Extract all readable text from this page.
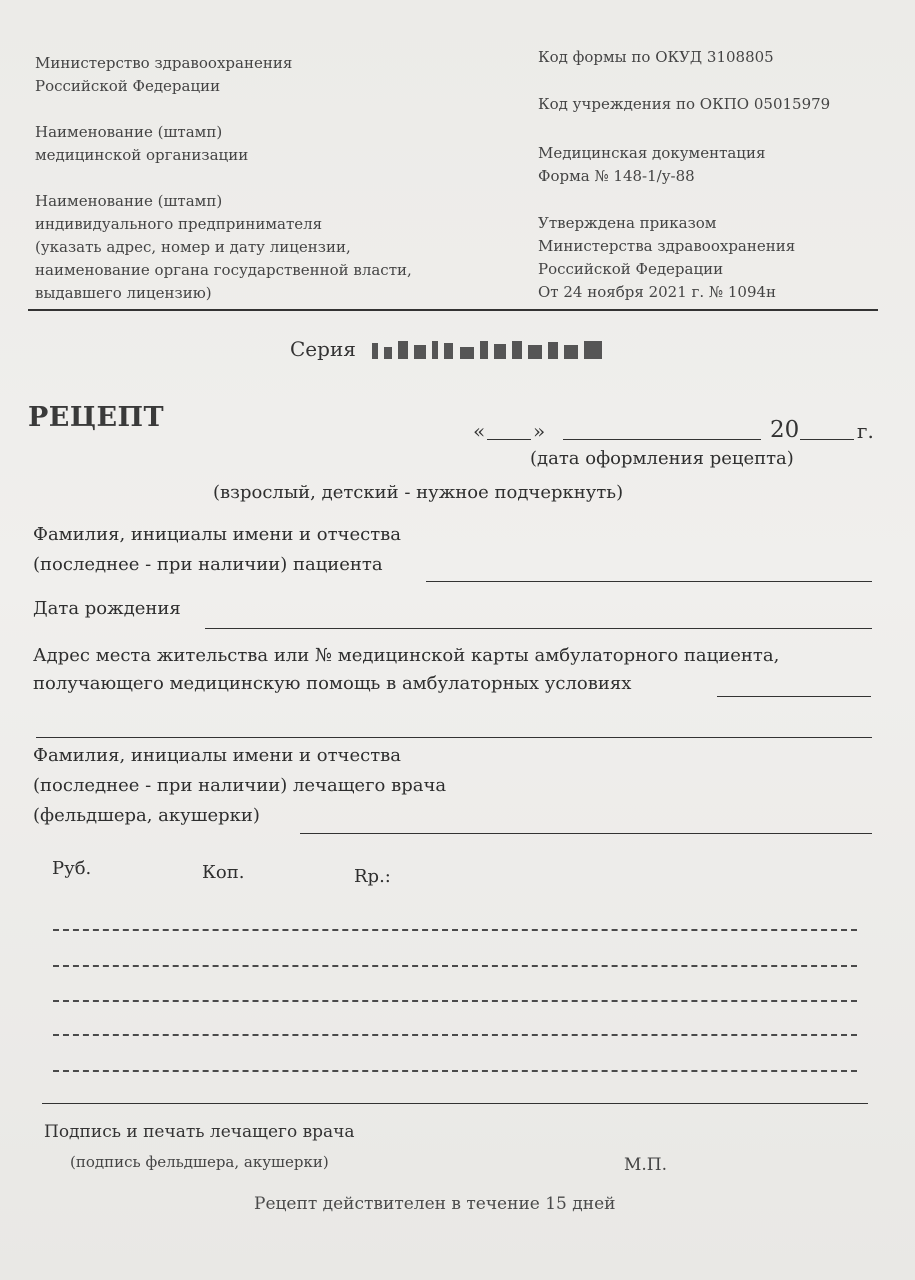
Министерство здравоохранения
Российской Федерации
Наименование (штамп)
медицинской организации
Наименование (штамп)
индивидуального предпринимателя
(указать адрес, номер и дату лицензии,
наименование органа государственной власти,
выдавшего лицензию)
Код формы по ОКУД 3108805
Код учреждения по ОКПО 05015979
Медицинская документация
Форма № 148-1/у-88
Утверждена приказом
Министерства здравоохранения
Российской Федерации
От 24 ноября 2021 г. № 1094н
Серия
РЕЦЕПТ	« »	20	г.
(дата оформления рецепта)
(взрослый, детский - нужное подчеркнуть)
Фамилия, инициалы имени и отчества
(последнее - при наличии) пациента
Дата рождения
Адрес места жительства или № медицинской карты амбулаторного пациента,
получающего медицинскую помощь в амбулаторных условиях
Фамилия, инициалы имени и отчества
(последнее - при наличии) лечащего врача
(фельдшера, акушерки)
Руб.	Коп.	Rp.:
Подпись и печать лечащего врача
(подпись фельдшера, акушерки)	М.П.
Рецепт действителен в течение 15 дней
